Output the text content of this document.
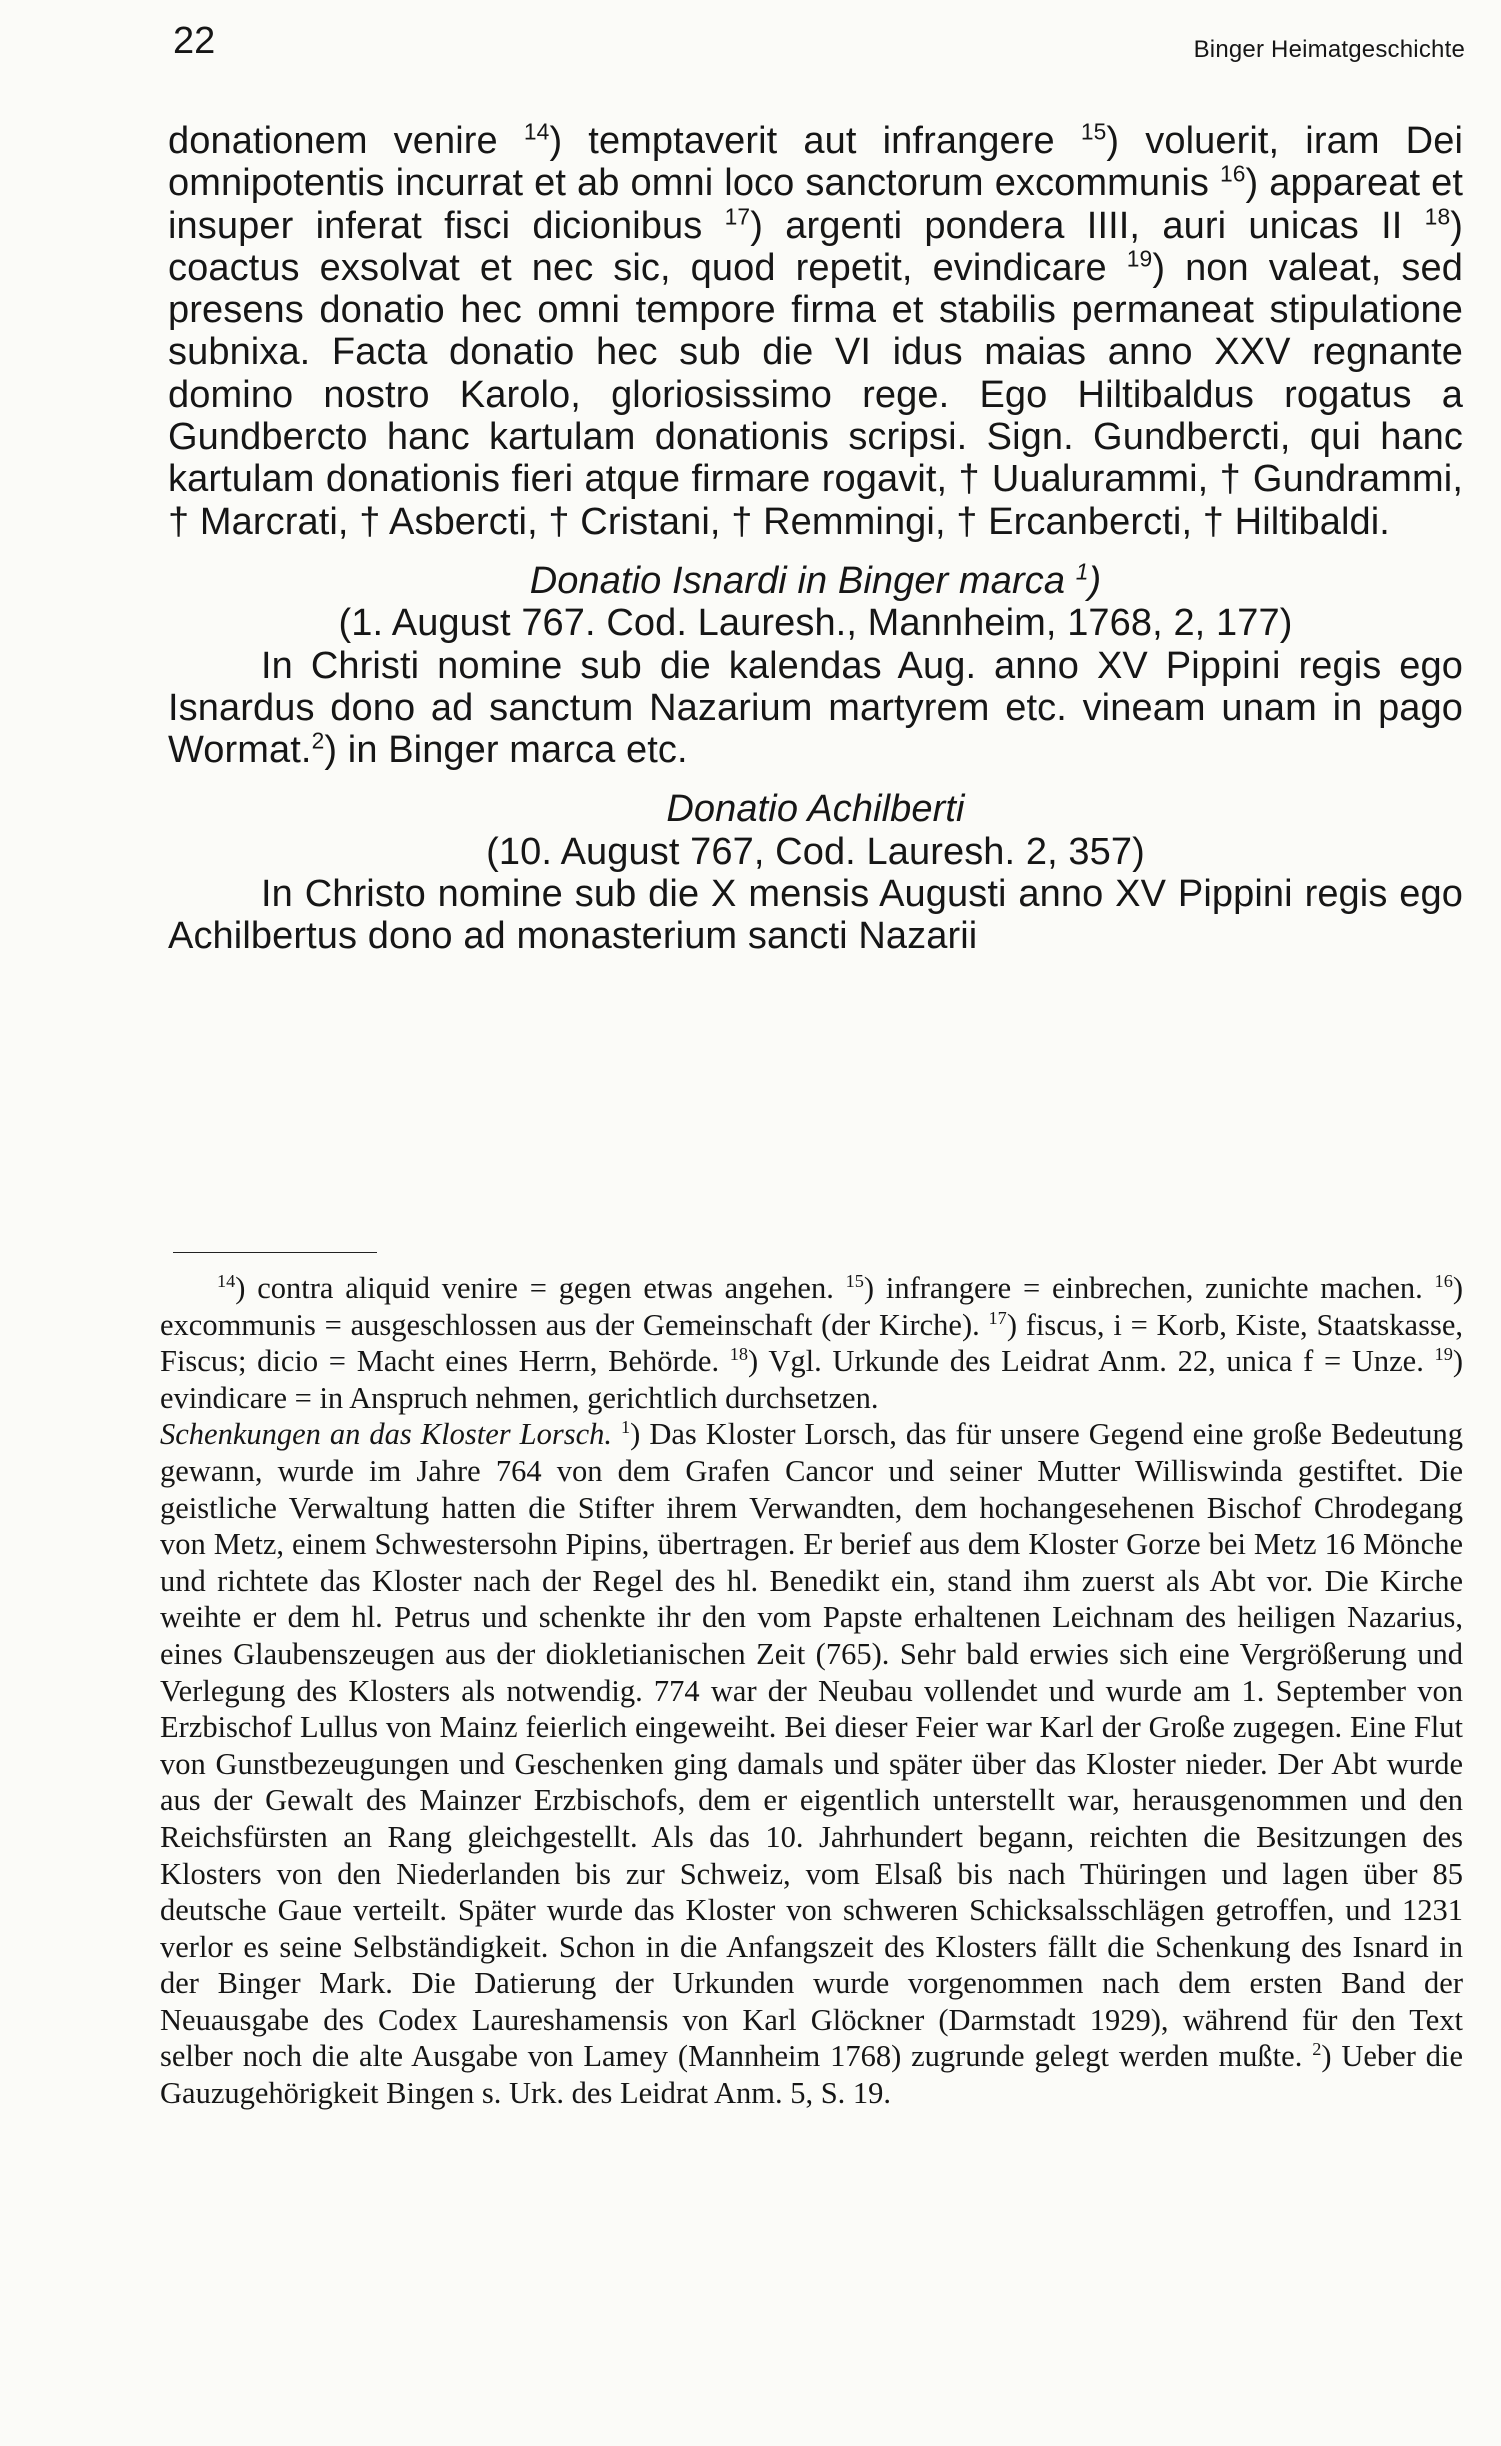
22	Binger Heimatgeschichte

donationem venire $^{14}$) temptaverit aut infrangere $^{15}$) voluerit, iram Dei omnipotentis incurrat et ab omni loco sanctorum excommunis $^{16}$) appareat et insuper inferat fisci dicionibus $^{17}$) argenti pondera IIII, auri unicas II $^{18}$) coactus exsolvat et nec sic, quod repetit, evindicare $^{19}$) non valeat, sed presens donatio hec omni tempore firma et stabilis permaneat stipulatione subnixa. Facta donatio hec sub die VI idus maias anno XXV regnante domino nostro Karolo, gloriosissimo rege. Ego Hiltibaldus rogatus a Gundbercto hanc kartulam donationis scripsi. Sign. Gundbercti, qui hanc kartulam donationis fieri atque firmare rogavit, † Uualurammi, † Gundrammi, † Marcrati, † Asbercti, † Cristani, † Remmingi, † Ercanbercti, † Hiltibaldi.

Donatio Isnardi in Binger marca $^1$)

(1. August 767. Cod. Lauresh., Mannheim, 1768, 2, 177)

In Christi nomine sub die kalendas Aug. anno XV Pippini regis ego Isnardus dono ad sanctum Nazarium martyrem etc. vineam unam in pago Wormat.$^2$) in Binger marca etc.

Donatio Achilberti

(10. August 767, Cod. Lauresh. 2, 357)

In Christo nomine sub die X mensis Augusti anno XV Pippini regis ego Achilbertus dono ad monasterium sancti Nazarii

$^{14}$) contra aliquid venire = gegen etwas angehen. $^{15}$) infrangere = einbrechen, zunichte machen. $^{16}$) excommunis = ausgeschlossen aus der Gemeinschaft (der Kirche). $^{17}$) fiscus, i = Korb, Kiste, Staatskasse, Fiscus; dicio = Macht eines Herrn, Behörde. $^{18}$) Vgl. Urkunde des Leidrat Anm. 22, unica f = Unze. $^{19}$) evindicare = in Anspruch nehmen, gerichtlich durchsetzen.

Schenkungen an das Kloster Lorsch. $^1$) Das Kloster Lorsch, das für unsere Gegend eine große Bedeutung gewann, wurde im Jahre 764 von dem Grafen Cancor und seiner Mutter Williswinda gestiftet. Die geistliche Verwaltung hatten die Stifter ihrem Verwandten, dem hochangesehenen Bischof Chrodegang von Metz, einem Schwestersohn Pipins, übertragen. Er berief aus dem Kloster Gorze bei Metz 16 Mönche und richtete das Kloster nach der Regel des hl. Benedikt ein, stand ihm zuerst als Abt vor. Die Kirche weihte er dem hl. Petrus und schenkte ihr den vom Papste erhaltenen Leichnam des heiligen Nazarius, eines Glaubenszeugen aus der diokletianischen Zeit (765). Sehr bald erwies sich eine Vergrößerung und Verlegung des Klosters als notwendig. 774 war der Neubau vollendet und wurde am 1. September von Erzbischof Lullus von Mainz feierlich eingeweiht. Bei dieser Feier war Karl der Große zugegen. Eine Flut von Gunstbezeugungen und Geschenken ging damals und später über das Kloster nieder. Der Abt wurde aus der Gewalt des Mainzer Erzbischofs, dem er eigentlich unterstellt war, herausgenommen und den Reichsfürsten an Rang gleichgestellt. Als das 10. Jahrhundert begann, reichten die Besitzungen des Klosters von den Niederlanden bis zur Schweiz, vom Elsaß bis nach Thüringen und lagen über 85 deutsche Gaue verteilt. Später wurde das Kloster von schweren Schicksalsschlägen getroffen, und 1231 verlor es seine Selbständigkeit. Schon in die Anfangszeit des Klosters fällt die Schenkung des Isnard in der Binger Mark. Die Datierung der Urkunden wurde vorgenommen nach dem ersten Band der Neuausgabe des Codex Laureshamensis von Karl Glöckner (Darmstadt 1929), während für den Text selber noch die alte Ausgabe von Lamey (Mannheim 1768) zugrunde gelegt werden mußte. $^2$) Ueber die Gauzugehörigkeit Bingen s. Urk. des Leidrat Anm. 5, S. 19.
